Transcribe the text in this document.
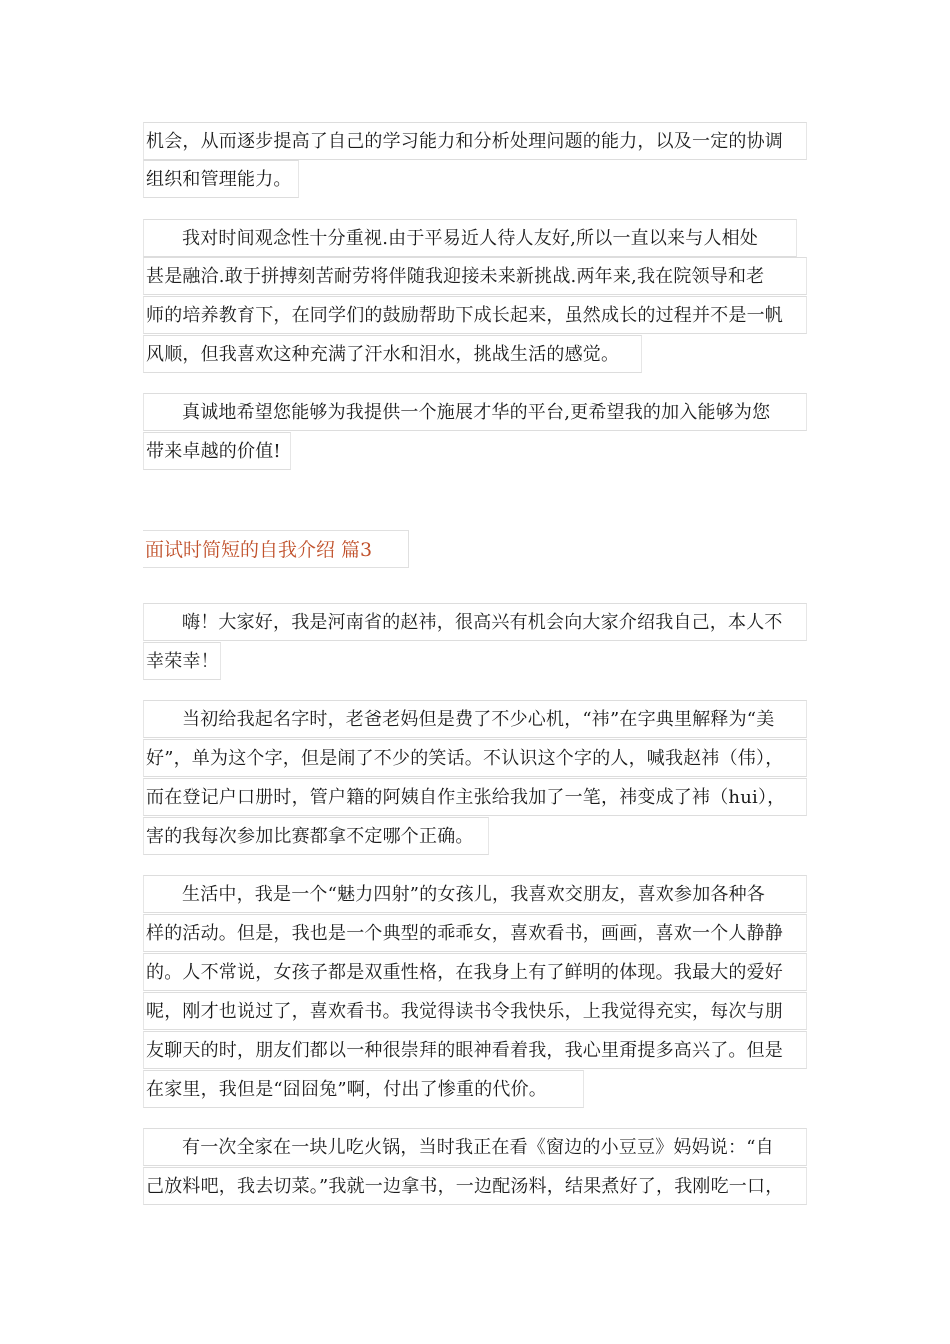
机会，从而逐步提高了自己的学习能力和分析处理问题的能力，以及一定的协调
组织和管理能力。
我对时间观念性十分重视.由于平易近人待人友好,所以一直以来与人相处
甚是融洽.敢于拼搏刻苦耐劳将伴随我迎接未来新挑战.两年来,我在院领导和老
师的培养教育下，在同学们的鼓励帮助下成长起来，虽然成长的过程并不是一帆
风顺，但我喜欢这种充满了汗水和泪水，挑战生活的感觉。
真诚地希望您能够为我提供一个施展才华的平台,更希望我的加入能够为您
带来卓越的价值!
面试时简短的自我介绍 篇3
嗨！大家好，我是河南省的赵祎，很高兴有机会向大家介绍我自己，本人不
幸荣幸！
当初给我起名字时，老爸老妈但是费了不少心机，“祎”在字典里解释为“美
好”，单为这个字，但是闹了不少的笑话。不认识这个字的人，喊我赵祎（伟），
而在登记户口册时，管户籍的阿姨自作主张给我加了一笔，祎变成了袆（hui），
害的我每次参加比赛都拿不定哪个正确。
生活中，我是一个“魅力四射”的女孩儿，我喜欢交朋友，喜欢参加各种各
样的活动。但是，我也是一个典型的乖乖女，喜欢看书，画画，喜欢一个人静静
的。人不常说，女孩子都是双重性格，在我身上有了鲜明的体现。我最大的爱好
呢，刚才也说过了，喜欢看书。我觉得读书令我快乐，上我觉得充实，每次与朋
友聊天的时，朋友们都以一种很崇拜的眼神看着我，我心里甭提多高兴了。但是
在家里，我但是“囧囧兔”啊，付出了惨重的代价。
有一次全家在一块儿吃火锅，当时我正在看《窗边的小豆豆》妈妈说：“自
己放料吧，我去切菜。”我就一边拿书，一边配汤料，结果煮好了，我刚吃一口，
